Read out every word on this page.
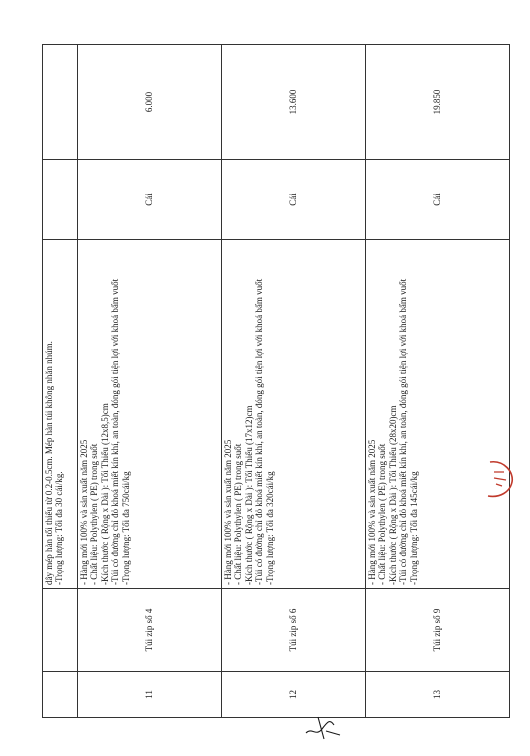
		dây mép hàn tối thiểu từ 0.2-0.5cm. Mép hàn túi không nhăn nhúm. -Trọng lượng: Tối đa 30 cái/kg.		

11	Túi zip số 4	- Hàng mới 100% và sản xuất năm 2025 - Chất liệu: Polythylen ( PE) trong suốt -Kích thước ( Rộng x Dài ): Tối Thiểu (12x8,5)cm -Túi có đường chỉ đỏ khoá miết kín khí, an toàn, đóng gói tiện lợi với khoá bấm vuốt -Trọng lượng: Tối đa 750cái/kg	Cái	6.000
12	Túi zip số 6	- Hàng mới 100% và sản xuất năm 2025 - Chất liệu: Polythylen ( PE) trong suốt -Kích thước ( Rộng x Dài ): Tối Thiểu (17x12)cm -Túi có đường chỉ đỏ khoá miết kín khí, an toàn, đóng gói tiện lợi với khoá bấm vuốt -Trọng lượng: Tối đa 320cái/kg	Cái	13.600
13	Túi zip số 9	- Hàng mới 100% và sản xuất năm 2025 - Chất liệu: Polythylen ( PE) trong suốt -Kích thước ( Rộng x Dài ): Tối Thiểu (28x20)cm -Túi có đường chỉ đỏ khoá miết kín khí, an toàn, đóng gói tiện lợi với khoá bấm vuốt -Trọng lượng: Tối đa 145cái/kg	Cái	19.850
